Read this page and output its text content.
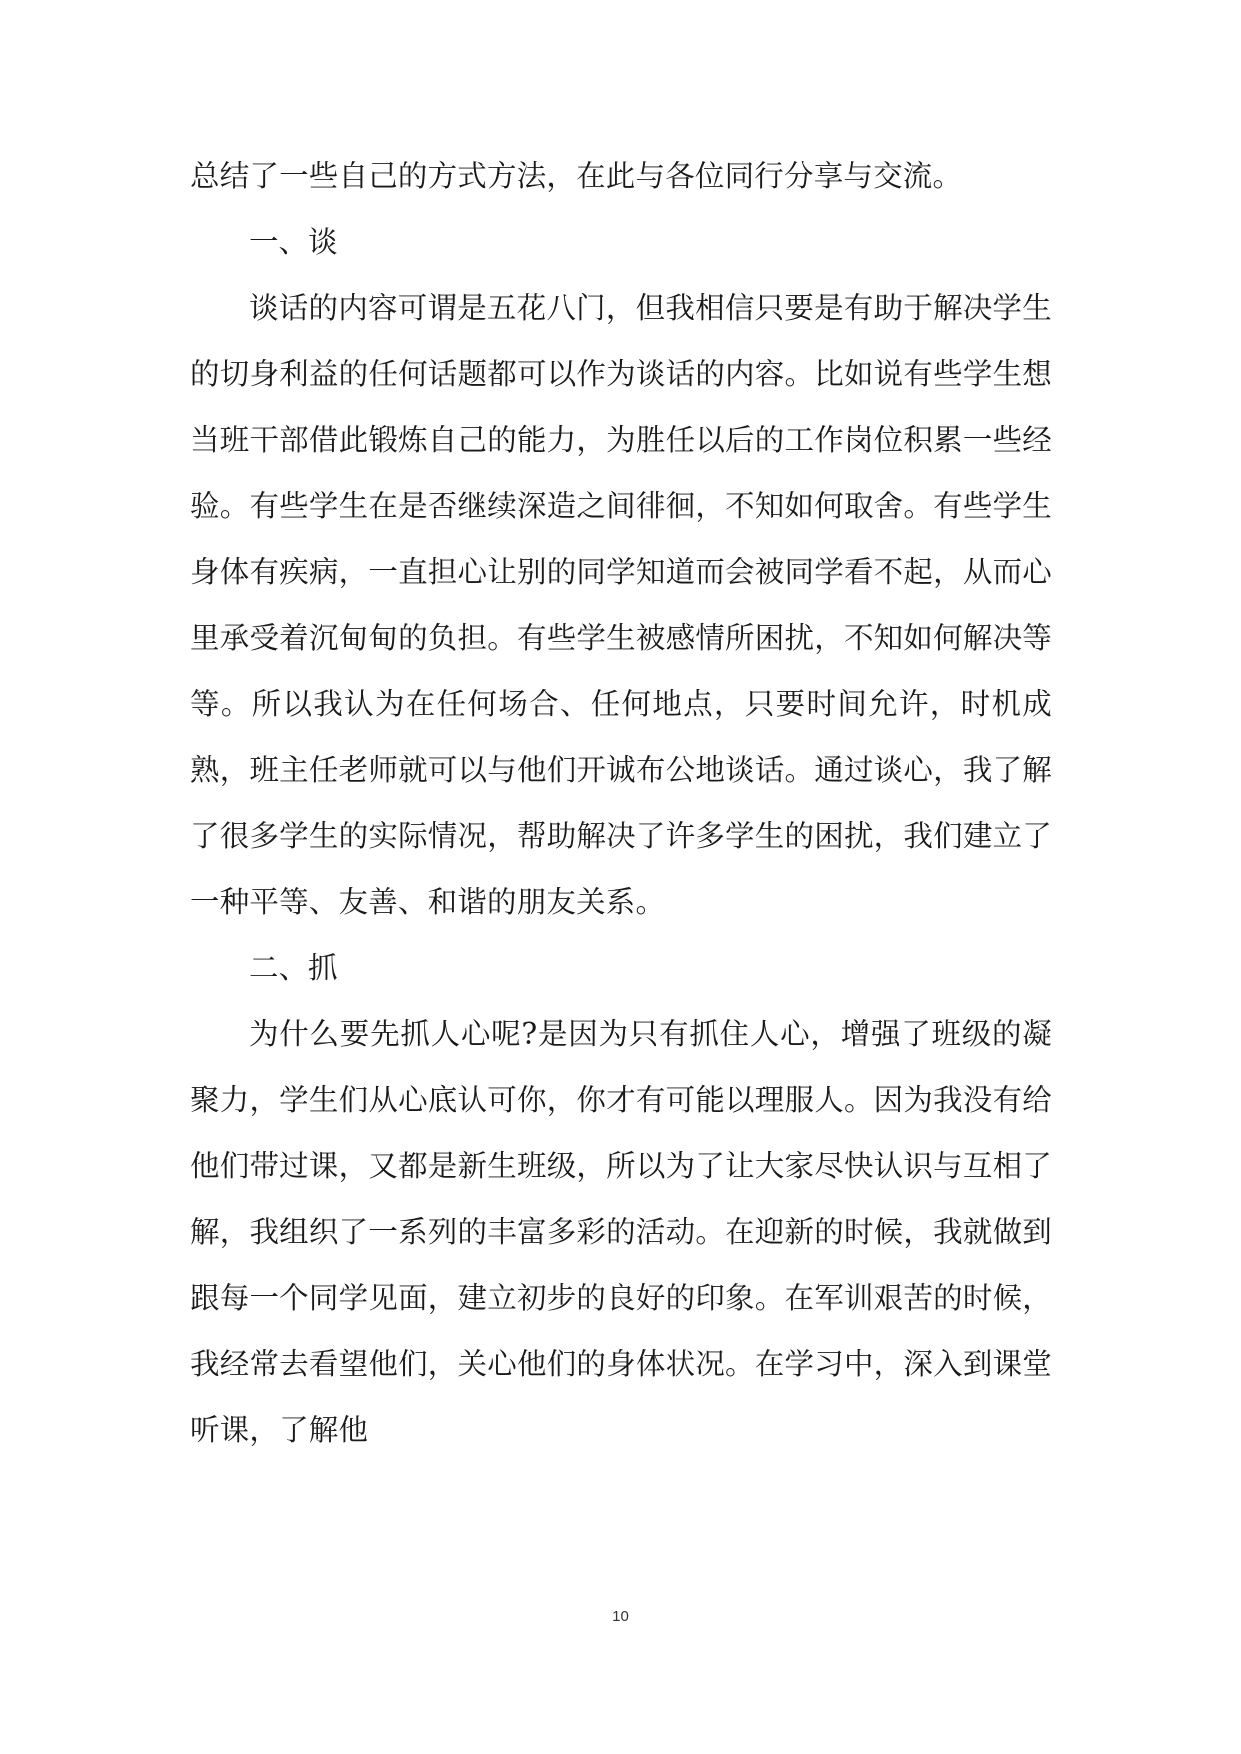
总结了一些自己的方式方法，在此与各位同行分享与交流。

一、谈

谈话的内容可谓是五花八门，但我相信只要是有助于解决学生的切身利益的任何话题都可以作为谈话的内容。比如说有些学生想当班干部借此锻炼自己的能力，为胜任以后的工作岗位积累一些经验。有些学生在是否继续深造之间徘徊，不知如何取舍。有些学生身体有疾病，一直担心让别的同学知道而会被同学看不起，从而心里承受着沉甸甸的负担。有些学生被感情所困扰，不知如何解决等等。所以我认为在任何场合、任何地点，只要时间允许，时机成熟，班主任老师就可以与他们开诚布公地谈话。通过谈心，我了解了很多学生的实际情况，帮助解决了许多学生的困扰，我们建立了一种平等、友善、和谐的朋友关系。

二、抓

为什么要先抓人心呢?是因为只有抓住人心，增强了班级的凝聚力，学生们从心底认可你，你才有可能以理服人。因为我没有给他们带过课，又都是新生班级，所以为了让大家尽快认识与互相了解，我组织了一系列的丰富多彩的活动。在迎新的时候，我就做到跟每一个同学见面，建立初步的良好的印象。在军训艰苦的时候，我经常去看望他们，关心他们的身体状况。在学习中，深入到课堂听课，了解他

10
